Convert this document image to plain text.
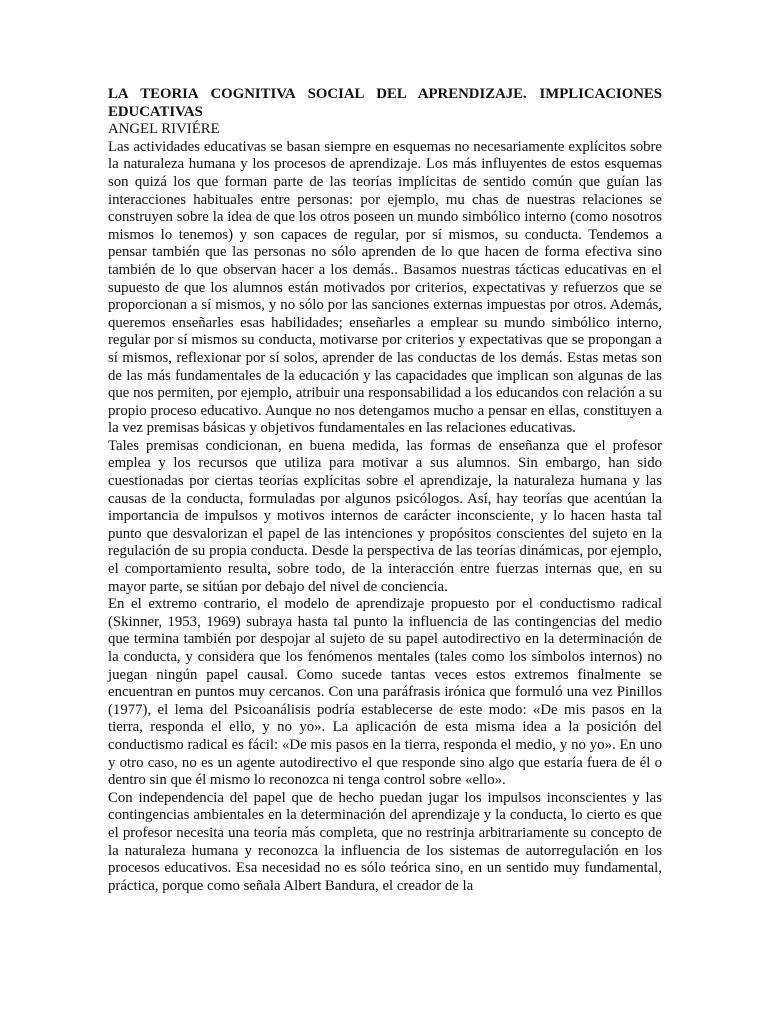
LA TEORIA COGNITIVA SOCIAL DEL APRENDIZAJE. IMPLICACIONES EDUCATIVAS

ANGEL RIVIÉRE

Las actividades educativas se basan siempre en esquemas no necesariamente explícitos sobre la naturaleza humana y los procesos de aprendizaje. Los más influyentes de estos esquemas son quizá los que forman parte de las teorías implícitas de sentido común que guían las interacciones habituales entre personas: por ejemplo, mu chas de nuestras relaciones se construyen sobre la idea de que los otros poseen un mundo simbólico interno (como nosotros mismos lo tenemos) y son capaces de regular, por sí mismos, su conducta. Tendemos a pensar también que las personas no sólo aprenden de lo que hacen de forma efectiva sino también de lo que observan hacer a los demás.. Basamos nuestras tácticas educativas en el supuesto de que los alumnos están motivados por criterios, expectativas y refuerzos que se proporcionan a sí mismos, y no sólo por las sanciones externas impuestas por otros. Además, queremos enseñarles esas habilidades; enseñarles a emplear su mundo simbólico interno, regular por sí mismos su conducta, motivarse por criterios y expectativas que se propongan a sí mismos, reflexionar por sí solos, aprender de las conductas de los demás. Estas metas son de las más fundamentales de la educación y las capacidades que implican son algunas de las que nos permiten, por ejemplo, atribuir una responsabilidad a los educandos con relación a su propio proceso educativo. Aunque no nos detengamos mucho a pensar en ellas, constituyen a la vez premisas básicas y objetivos fundamentales en las relaciones educativas.

Tales premisas condicionan, en buena medida, las formas de enseñanza que el profesor emplea y los recursos que utiliza para motivar a sus alumnos. Sin embargo, han sido cuestionadas por ciertas teorías explícitas sobre el aprendizaje, la naturaleza humana y las causas de la conducta, formuladas por algunos psicólogos. Así, hay teorías que acentúan la importancia de impulsos y motivos internos de carácter inconsciente, y lo hacen hasta tal punto que desvalorizan el papel de las intenciones y propósitos conscientes del sujeto en la regulación de su propia conducta. Desde la perspectiva de las teorías dinámicas, por ejemplo, el comportamiento resulta, sobre todo, de la interacción entre fuerzas internas que, en su mayor parte, se sitúan por debajo del nivel de conciencia.

En el extremo contrario, el modelo de aprendizaje propuesto por el conductismo radical (Skinner, 1953, 1969) subraya hasta tal punto la influencia de las contingencias del medio que termina también por despojar al sujeto de su papel autodirectivo en la determinación de la conducta, y considera que los fenómenos mentales (tales como los símbolos internos) no juegan ningún papel causal. Como sucede tantas veces estos extremos finalmente se encuentran en puntos muy cercanos. Con una paráfrasis irónica que formuló una vez Pinillos (1977), el lema del Psicoanálisis podría establecerse de este modo: «De mis pasos en la tierra, responda el ello, y no yo». La aplicación de esta misma idea a la posición del conductismo radical es fácil: «De mis pasos en la tierra, responda el medio, y no yo». En uno y otro caso, no es un agente autodirectivo el que responde sino algo que estaría fuera de él o dentro sin que él mismo lo reconozca ni tenga control sobre «ello».

Con independencia del papel que de hecho puedan jugar los impulsos inconscientes y las contingencias ambientales en la determinación del aprendizaje y la conducta, lo cierto es que el profesor necesita una teoría más completa, que no restrinja arbitrariamente su concepto de la naturaleza humana y reconozca la influencia de los sistemas de autorregulación en los procesos educativos. Esa necesidad no es sólo teórica sino, en un sentido muy fundamental, práctica, porque como señala Albert Bandura, el creador de la
